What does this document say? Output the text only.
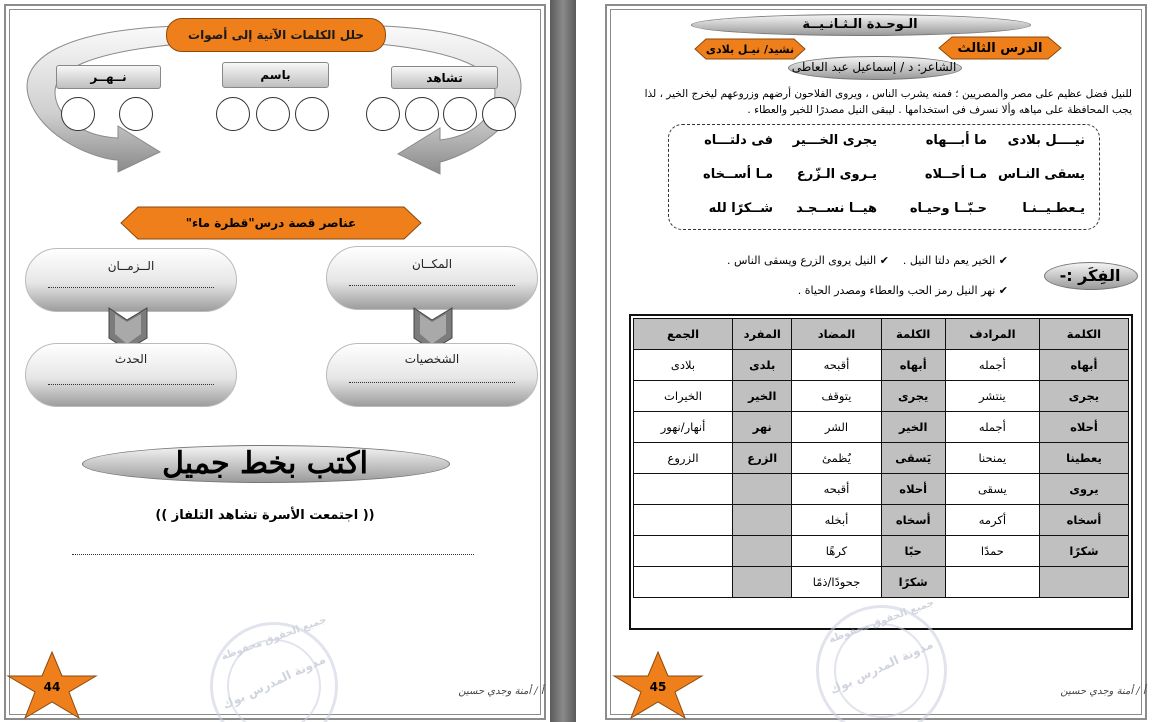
حلل الكلمات الآتية إلى أصوات
تشاهد
باسم
نــهــر
عناصر قصة درس"قطرة ماء"
المكــان
الــزمــان
الشخصيات
الحدث
اكتب بخط جميل
(( اجتمعت الأسرة تشاهد التلفاز ))
جميع الحقوق محفوظة
مدونة المدرس بوك
44	أ / أمنة وجدي حسين
الـوحـدة الـثـانـيــة
نشيد/ نيـل بلادى	الدرس الثالث
الشاعر: د / إسماعيل عبد العاطى
للنيل فضل عظيم على مصر والمصريين ؛ فمنه يشرب الناس ، ويروى الفلاحون أرضهم وزروعهم ليخرج الخير ، لذا يجب المحافظة على مياهه وألا نسرف فى استخدامها . ليبقى النيل مصدرًا للخير والعطاء .
نيــــل بلادى
ما أبـــهاه
يجرى الخـــير
فى دلتـــاه
يسقى النـاس
مـا أحــلاه
يـروى الـزّرع
مـا أســخاه
يـعطـيــنـا
حـبّــا وحيـاه
هيــا نســجـد
شــكرًا لله
الفِكَر :-
✔ الخير يعم دلتا النيل .    ✔ النيل يروى الزرع ويسقى الناس .
✔ نهر النيل رمز الحب والعطاء ومصدر الحياة .
الكلمة	المرادف	الكلمة	المضاد	المفرد	الجمع
أبهاه	أجمله	أبهاه	أقبحه	بلدى	بلادى
يجرى	ينتشر	يجرى	يتوقف	الخير	الخيرات
أحلاه	أجمله	الخير	الشر	نهر	أنهار/نهور
يعطينا	يمنحنا	يَسقى	يُظمئ	الزرع	الزروع
يروى	يسقى	أحلاه	أقبحه		
أسخاه	أكرمه	أسخاه	أبخله		
شكرًا	حمدًا	حبًا	كرهًا		
		شكرًا	جحودًا/ذمًا		
جميع الحقوق محفوظة
مدونة المدرس بوك
45	أ / أمنة وجدي حسين
